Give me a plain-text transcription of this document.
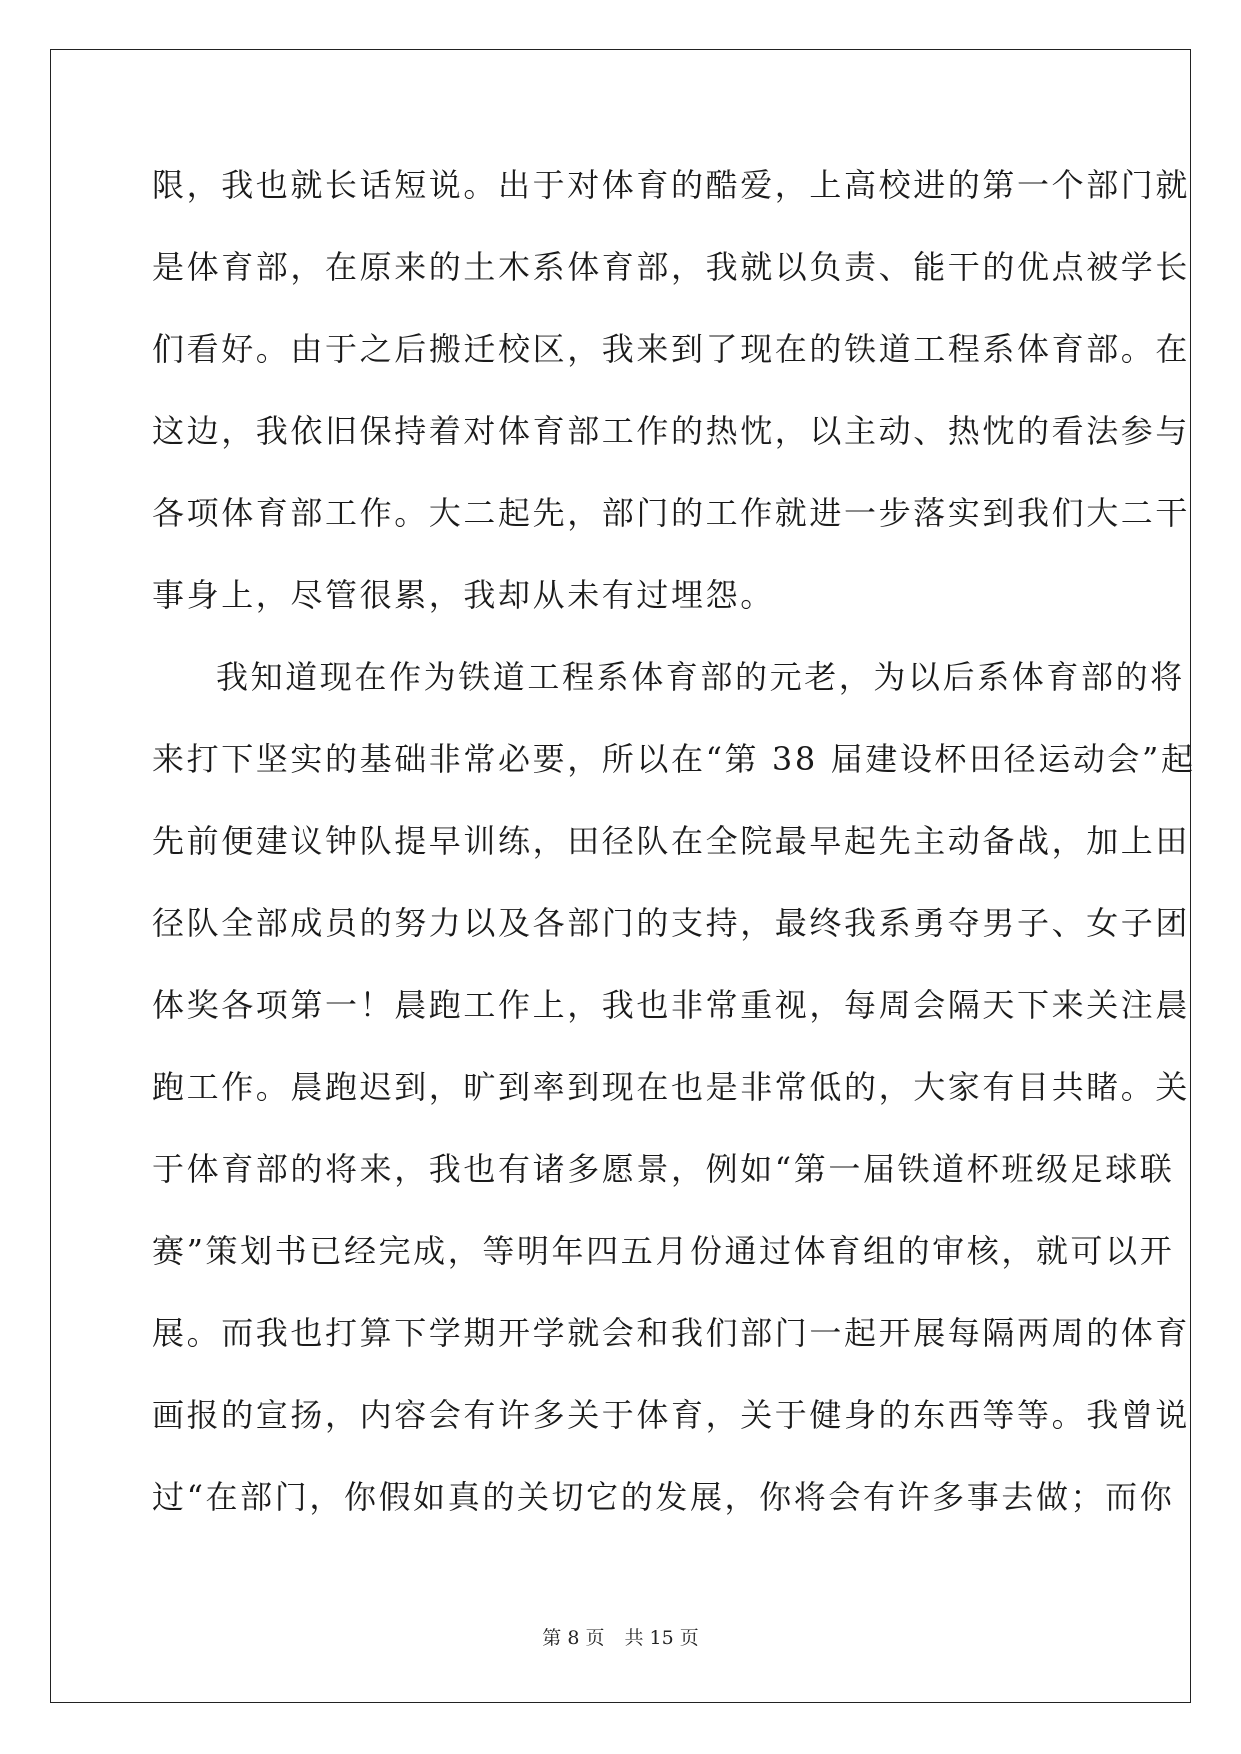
限，我也就长话短说。出于对体育的酷爱，上高校进的第一个部门就
是体育部，在原来的土木系体育部，我就以负责、能干的优点被学长
们看好。由于之后搬迁校区，我来到了现在的铁道工程系体育部。在
这边，我依旧保持着对体育部工作的热忱，以主动、热忱的看法参与
各项体育部工作。大二起先，部门的工作就进一步落实到我们大二干
事身上，尽管很累，我却从未有过埋怨。
我知道现在作为铁道工程系体育部的元老，为以后系体育部的将
来打下坚实的基础非常必要，所以在“第 38 届建设杯田径运动会”起
先前便建议钟队提早训练，田径队在全院最早起先主动备战，加上田
径队全部成员的努力以及各部门的支持，最终我系勇夺男子、女子团
体奖各项第一！晨跑工作上，我也非常重视，每周会隔天下来关注晨
跑工作。晨跑迟到，旷到率到现在也是非常低的，大家有目共睹。关
于体育部的将来，我也有诸多愿景，例如“第一届铁道杯班级足球联
赛”策划书已经完成，等明年四五月份通过体育组的审核，就可以开
展。而我也打算下学期开学就会和我们部门一起开展每隔两周的体育
画报的宣扬，内容会有许多关于体育，关于健身的东西等等。我曾说
过“在部门，你假如真的关切它的发展，你将会有许多事去做；而你
第 8 页 共 15 页
